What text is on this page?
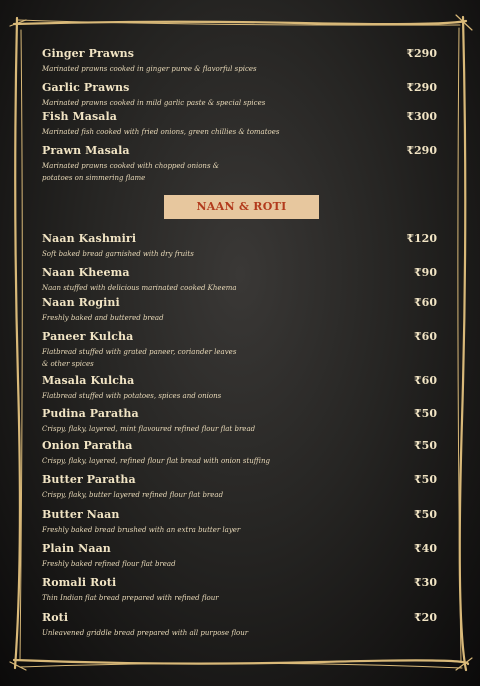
Ginger Prawns	₹290
Marinated prawns cooked in ginger puree & flavorful spices
Garlic Prawns	₹290
Marinated prawns cooked in mild garlic paste & special spices
Fish Masala	₹300
Marinated fish cooked with fried onions, green chillies & tomatoes
Prawn Masala	₹290
Marinated prawns cooked with chopped onions & potatoes on simmering flame
NAAN & ROTI
Naan Kashmiri	₹120
Soft baked bread garnished with dry fruits
Naan Kheema	₹90
Naan stuffed with delicious marinated cooked Kheema
Naan Rogini	₹60
Freshly baked and buttered bread
Paneer Kulcha	₹60
Flatbread stuffed with grated paneer, coriander leaves & other spices
Masala Kulcha	₹60
Flatbread stuffed with potatoes, spices and onions
Pudina Paratha	₹50
Crispy, flaky, layered, mint flavoured refined flour flat bread
Onion Paratha	₹50
Crispy, flaky, layered, refined flour flat bread with onion stuffing
Butter Paratha	₹50
Crispy, flaky, butter layered refined flour flat bread
Butter Naan	₹50
Freshly baked bread brushed with an extra butter layer
Plain Naan	₹40
Freshly baked refined flour flat bread
Romali Roti	₹30
Thin Indian flat bread prepared with refined flour
Roti	₹20
Unleavened griddle bread prepared with all purpose flour
